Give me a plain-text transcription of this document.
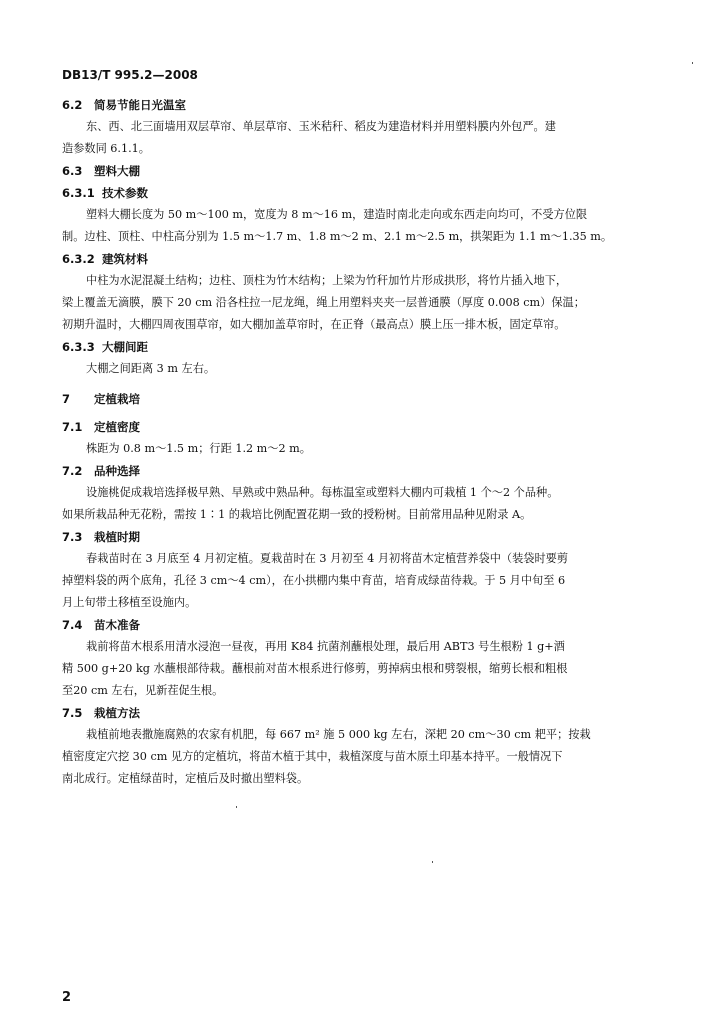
DB13/T 995.2—2008
6.2 简易节能日光温室
东、西、北三面墙用双层草帘、单层草帘、玉米秸秆、稻皮为建造材料并用塑料膜内外包严。建
造参数同 6.1.1。
6.3 塑料大棚
6.3.1 技术参数
塑料大棚长度为 50 m～100 m，宽度为 8 m～16 m，建造时南北走向或东西走向均可，不受方位限
制。边柱、顶柱、中柱高分别为 1.5 m～1.7 m、1.8 m～2 m、2.1 m～2.5 m，拱架距为 1.1 m～1.35 m。
6.3.2 建筑材料
中柱为水泥混凝土结构；边柱、顶柱为竹木结构；上梁为竹秆加竹片形成拱形，将竹片插入地下，
梁上覆盖无滴膜，膜下 20 cm 沿各柱拉一尼龙绳，绳上用塑料夹夹一层普通膜（厚度 0.008 cm）保温；
初期升温时，大棚四周夜围草帘，如大棚加盖草帘时，在正脊（最高点）膜上压一排木板，固定草帘。
6.3.3 大棚间距
大棚之间距离 3 m 左右。
7 定植栽培
7.1 定植密度
株距为 0.8 m～1.5 m；行距 1.2 m～2 m。
7.2 品种选择
设施桃促成栽培选择极早熟、早熟或中熟品种。每栋温室或塑料大棚内可栽植 1 个～2 个品种。
如果所栽品种无花粉，需按 1∶1 的栽培比例配置花期一致的授粉树。目前常用品种见附录 A。
7.3 栽植时期
春栽苗时在 3 月底至 4 月初定植。夏栽苗时在 3 月初至 4 月初将苗木定植营养袋中（装袋时要剪
掉塑料袋的两个底角，孔径 3 cm～4 cm），在小拱棚内集中育苗，培育成绿苗待栽。于 5 月中旬至 6
月上旬带土移植至设施内。
7.4 苗木准备
栽前将苗木根系用清水浸泡一昼夜，再用 K84 抗菌剂蘸根处理，最后用 ABT3 号生根粉 1 g+酒
精 500 g+20 kg 水蘸根部待栽。蘸根前对苗木根系进行修剪，剪掉病虫根和劈裂根，缩剪长根和粗根
至20 cm 左右，见新茬促生根。
7.5 栽植方法
栽植前地表撒施腐熟的农家有机肥，每 667 m² 施 5 000 kg 左右，深耙 20 cm～30 cm 耙平；按栽
植密度定穴挖 30 cm 见方的定植坑，将苗木植于其中，栽植深度与苗木原土印基本持平。一般情况下
南北成行。定植绿苗时，定植后及时撤出塑料袋。
2
